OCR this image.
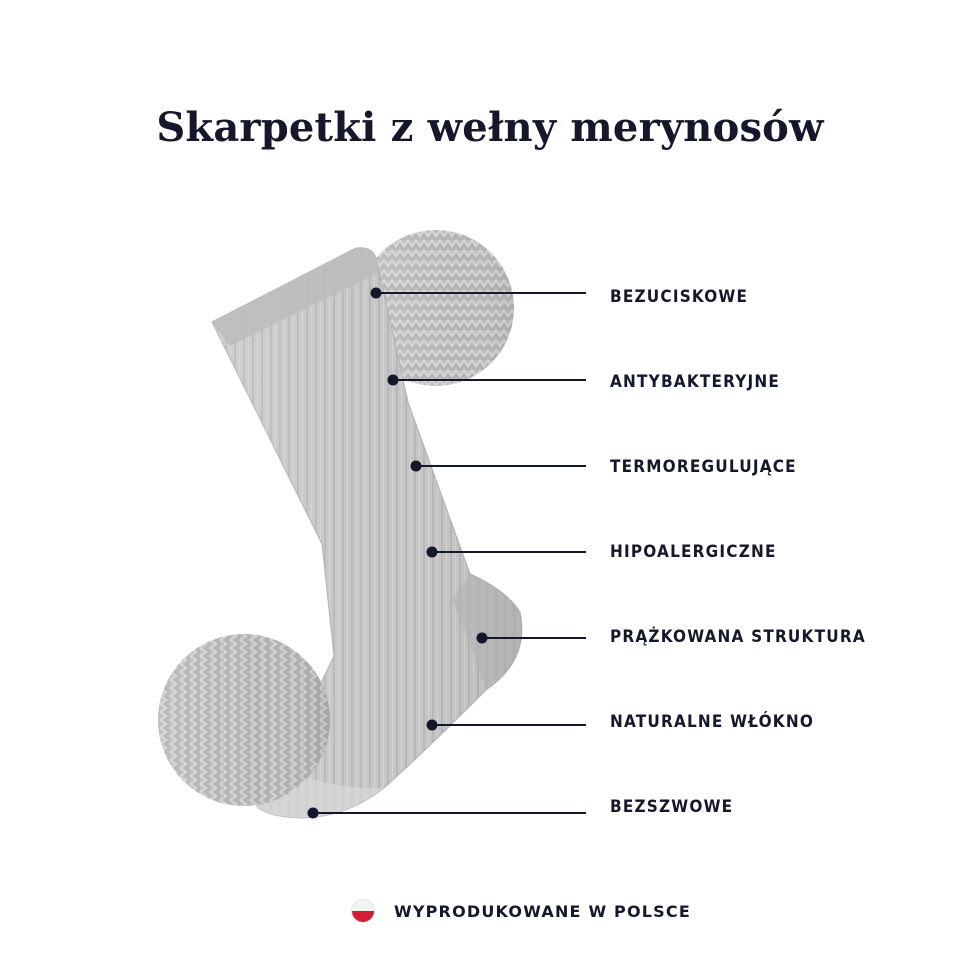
Skarpetki z wełny merynosów
BEZUCISKOWE
ANTYBAKTERYJNE
TERMOREGULUJĄCE
HIPOALERGICZNE
PRĄŻKOWANA STRUKTURA
NATURALNE WŁÓKNO
BEZSZWOWE
WYPRODUKOWANE W POLSCE
